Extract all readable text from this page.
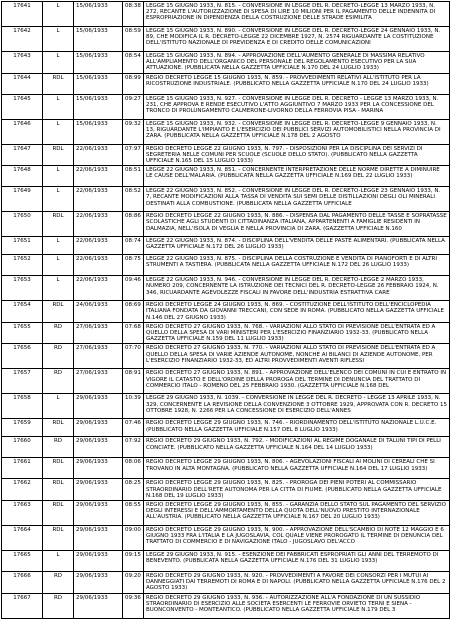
17641	L	15/06/1933	08:38	LEGGE 15 GIUGNO 1933, N. 815. - CONVERSIONE IN LEGGE DEL R. DECRETO-LEGGE 13 MARZO 1933, N. 272, RECANTE L'AUTORIZZAZIONE DI SPESA DI LIRE 10 MILIONI PER IL PAGAMENTO DELLE INDENNITA DI ESPROPRIAZIONE IN DIPENDENZA DELLA COSTRUZIONE DELLE STRADE ESIMILITA
17642	L	15/06/1933	08:59	LEGGE 15 GIUGNO 1933, N. 890. - CONVERSIONE IN LEGGE DEL R. DECRETO-LEGGE 24 GENNAIO 1933, N. 89, CHE MODIFICA IL R. DECRETO-LEGGE 22 DICEMBRE 1927, N. 2574 RIGUARDANTE LA COSTITUZIONE DELL'ISTITUTO NAZIONALE DI PREVIDENZA E DI CREDITO DELLE COMUNICAZIONI
17643	L	15/06/1933	08:54	LEGGE 15 GIUGNO 1933, N. 894. - APPROVAZIONE DELL'AUMENTO GENERALE DI MASSIMA RELATIVO ALL'AMPLIAMENTO DELL'ORGANICO DEL PERSONALE DEL REGOLAMENTO ESECUTIVO PER LA SUA ATTUAZIONE. (PUBBLICATA NELLA GAZZETTA UFFICIALE N.170 DEL 24 LUGLIO 1933)
17644	RDL	15/06/1933	08:99	REGIO DECRETO LEGGE 15 GIUGNO 1933, N. 859. - PROVVEDIMENTI RELATIVI ALL'ISTITUTO PER LA RICOSTRUZIONE INDUSTRIALE. (PUBBLICATO NELLA GAZZETTA UFFICIALE N.170 DEL 24 LUGLIO 1933)
17645	L	15/06/1933	09:27	LEGGE 15 GIUGNO 1933, N. 927. - CONVERSIONE IN LEGGE DEL R. DECRETO - LEGGE 13 MARZO 1933, N. 231, CHE APPROVA E RENDE ESECUTIVO L'ATTO AGGIUNTIVO 7 MARZO 1933 PER LA CONCESSIONE DEL TRONCO DI PROLUNGAMENTO CALMERONE-LIVORNO DELLA FERROVIA PISA - MARINA
17646	L	15/06/1933	09:32	LEGGE 15 GIUGNO 1933, N. 932. - CONVERSIONE IN LEGGE DEL R. DECRETO-LEGGE 9 GENNAIO 1933, N. 13, RIGUARDANTE L'IMPIANTO E L'ESERCIZIO DEI PUBBLICI SERVIZI AUTOMOBILISTICI NELLA PROVINCIA DI ZARA. (PUBBLICATA NELLA GAZZETTA UFFICIALE N.178 DEL 2 AGOSTO
17647	RDL	22/06/1933	07:97	REGIO DECRETO LEGGE 22 GIUGNO 1933, N. 797. - DISPOSIZIONI PER LA DISCIPLINA DEI SERVIZI DI SEGRETERIA NELLE COMUNI PER SCUOLE (SCUOLE DELLO STATO). (PUBBLICATO NELLA GAZZETTA UFFICIALE N.165 DEL 15 LUGLIO 1933)
17648	L	22/06/1933	08:51	LEGGE 22 GIUGNO 1933, N. 851. - CONCERNENTE INTERPRETAZIONE DELLE NORME DIRETTE A DIMINUIRE LE CAUSE DELL'MALARIA. (PUBBLICATA NELLA GAZZETTA UFFICIALE N.169 DEL 22 LUGLIO 1933)
17649	L	22/06/1933	08:52	LEGGE 22 GIUGNO 1933, N. 852. - CONVERSIONE IN LEGGE DEL R. DECRETO-LEGGE 23 GENNAIO 1933, N. 7, RECANTE MODIFICAZIONI ALLA TASSA DI VENDITA SUI SEMI DELLE DISTILLAZIONI DEGLI OLI MINERALI DESTINATI ALLA COMBUSTIONE. (PUBBLICATA NELLA GAZZETTA UFFICIALE
17650	RDL	22/06/1933	08:86	REGIO DECRETO LEGGE 22 GIUGNO 1933, N. 886. - DISPENSA DAL PAGAMENTO DELLE TASSE E SOPRATASSE SCOLASTICHE AGLI STUDENTI DI CITTADINANZA ITALIANA, APPARTENENTI A FAMIGLIE RESIDENTI IN DALMAZIA, NELL'ISOLA DI VEGLIA E NELLA PROVINCIA DI ZARA. (GAZZETTA UFFICIALE N.160
17651	L	22/06/1933	08:74	LEGGE 22 GIUGNO 1933, N. 874. - DISCIPLINA DELL'VENDITA DELLE PASTE ALIMENTARI. (PUBBLICATA NELLA GAZZETTA UFFICIALE N.172 DEL 26 LUGLIO 1933)
17652	L	22/06/1933	08:75	LEGGE 22 GIUGNO 1933, N. 875. - DISCIPLINA DELLA COSTRUZIONE E VENDITA DI PIANOFORTI E DI ALTRI STRUMENTI A TASTIERA. (PUBBLICATA NELLA GAZZETTA UFFICIALE N.172 DEL 26 LUGLIO 1933)
17653	L	22/06/1933	09:46	LEGGE 22 GIUGNO 1933, N. 946. - CONVERSIONE IN LEGGE DEL R. DECRETO-LEGGE 2 MARZO 1933, NUMERO 209, CONCERNENTE LA ISTRUZIONE DEI TECNICI DEL R. DECRETO-LEGGE 26 FEBBRAIO 1924, N. 346, RICUARDANTE AGEVOLEZZE FISCALI IN FAVORE DELL'INDUSTRIA ESTRATTIVA CARE
17654	RDL	24/06/1933	08:69	REGIO DECRETO LEGGE 24 GIUGNO 1933, N. 869. - COSTITUZIONE DELL'ISTITUTO DELL'ENCICLOPEDIA ITALIANA FONDATA DA GIOVANNI TRECCANI, CON SEDE IN ROMA. (PUBBLICATO NELLA GAZZETTA UFFICIALE N.146 DEL 27 GIUGNO 1933)
17655	RD	27/06/1933	07:68	REGIO DECRETO 27 GIUGNO 1933, N. 768. - VARIAZIONI ALLO STATO DI PREVISIONE DELL'ENTRATA ED A QUELLO DELLA SPESA DI VARI MINISTERI PER L'ESERCIZIO FINANZIARIO 1932-33. (PUBBLICATO NELLA GAZZETTA UFFICIALE N.159 DEL 11 LUGLIO 1933)
17656	RD	27/06/1933	07:70	REGIO DECRETO 27 GIUGNO 1933, N. 770. - VARIAZIONI ALLO STATO DI PREVISIONE DELL'ENTRATA ED A QUELLO DELLA SPESA DI VARIE AZIENDE AUTONOME, NONCHE AI BILANCI DI AZIENDE AUTONOME, PER L'ESERCIZIO FINANZIARIO 1932-33, ED ALTRI PROVVEDIMENTI AVENTI RIFLESSI
17657	RD	27/06/1933	08:91	REGIO DECRETO 27 GIUGNO 1933, N. 891. - APPROVAZIONE DELL'ELENCO DEI COMUNI IN CUI E ENTRATO IN VIGORE IL CATASTO E DELL'ORDINE DELLA PROROGA DEL TERMINE DI DENUNCIA DEL TRATTATO DI COMMERCIO ITALO - ROMENO DEL 25 FEBBRAIO 1930. (GAZZETTA UFFICIALE N.168 DEL
17658	L	29/06/1933	10:39	LEGGE 29 GIUGNO 1933, N. 1039. - CONVERSIONE IN LEGGE DEL R. DECRETO - LEGGE 13 APRILE 1933, N. 329, CONCERNENTE LA REVISIONE DELLA CONVENZIONE 3 OTTOBRE 1929, APPROVATA CON R. DECRETO 15 OTTOBRE 1928, N. 2266 PER LA CONCESSIONE DI ESERCIZIO DELL'ANNES
17659	RDL	29/06/1933	07:46	REGIO DECRETO LEGGE 29 GIUGNO 1933, N. 746. - RIORDINAMENTO DELL'ISTITUTO NAZIONALE L.U.C.E. (PUBBLICATO NELLA GAZZETTA UFFICIALE N.157 DEL 8 LUGLIO 1933)
17660	RD	29/06/1933	07:92	REGIO DECRETO 29 GIUGNO 1933, N. 792. - MODIFICAZIONI AL REGIME DOGANALE DI TALUNI TIPI DI PELLI CONCIATE. (PUBBLICATO NELLA GAZZETTA UFFICIALE N.164 DEL 14 LUGLIO 1933)
17661	RDL	29/06/1933	08:06	REGIO DECRETO LEGGE 29 GIUGNO 1933, N. 806. - AGEVOLAZIONI FISCALI AI MOLINI DI CEREALI CHE SI TROVANO IN ALTA MONTAGNA. (PUBBLICATO NELLA GAZZETTA UFFICIALE N.164 DEL 17 LUGLIO 1933)
17662	RDL	29/06/1933	08:25	REGIO DECRETO LEGGE 29 GIUGNO 1933, N. 825. - PROROGA DEI PIENI POTERI AL COMMISSARIO STRAORDINARIO DELL'RETE AUTONOMA PER LA CITTA DI FIUME. (PUBBLICATO NELLA GAZZETTA UFFICIALE N.168 DEL 19 LUGLIO 1933)
17663	RDL	29/06/1933	08:55	REGIO DECRETO LEGGE 29 GIUGNO 1933, N. 855. - GARANZIA DELLO STATO SUL PAGAMENTO DEL SERVIZIO DEGLI INTERESSI E DELL'AMMORTAMENTO DELLA QUOTA DELL'NUOVO PRESTITO INTERNAZIONALE ALL'AUSTRIA. (PUBBLICATO NELLA GAZZETTA UFFICIALE N.167 DEL 20 LUGLIO 1933)
17664	RDL	29/06/1933	09:00	REGIO DECRETO LEGGE 29 GIUGNO 1933, N. 900. - APPROVAZIONE DELL'SCAMBIO DI NOTE 12 MAGGIO E 6 GIUGNO 1933 FRA L'ITALIA E LA JUGOSLAVIA, COL QUALE VIENE PROROGATO IL TERMINE DI DENUNCIA DEL TRATTATO DI COMMERCIO E DI NAVIGAZIONE ITALO - JUGOSLAVO DEL'ACCO
17665	L	29/06/1933	09:15	LEGGE 29 GIUGNO 1933, N. 915. - ESENZIONE DEI FABBRICATI ESPROPRIATI GLI ANNI DEL TERREMOTO DI BENEVENTO. (PUBBLICATA NELLA GAZZETTA UFFICIALE N.176 DEL 31 LUGLIO 1933)
17666	RD	29/06/1933	09:20	REGIO DECRETO 29 GIUGNO 1933, N. 920. - PROVVEDIMENTI A FAVORE DEI CONSORZI PER I MUTUI AI DANNEGGIATI DAI TERREMOTI DI ROMA E DI NAPOLI. (PUBBLICATO NELLA GAZZETTA UFFICIALE N.176 DEL 2 AGOSTO 1933)
17667	RD	29/06/1933	09:36	REGIO DECRETO 29 GIUGNO 1933, N. 936. - AUTORIZZAZIONE ALL'A FONDAZIONE DI UN SUSSIDIO STRAORDINARIO DI ESERCIZIO ALLE SOCIETA ESERCENTI LE FERROVIE ORVIETO TERNI E SIENA - BUONCONVENTO - MONTEANTICO. (PUBBLICATO NELLA GAZZETTA UFFICIALE N.179 DEL 3
